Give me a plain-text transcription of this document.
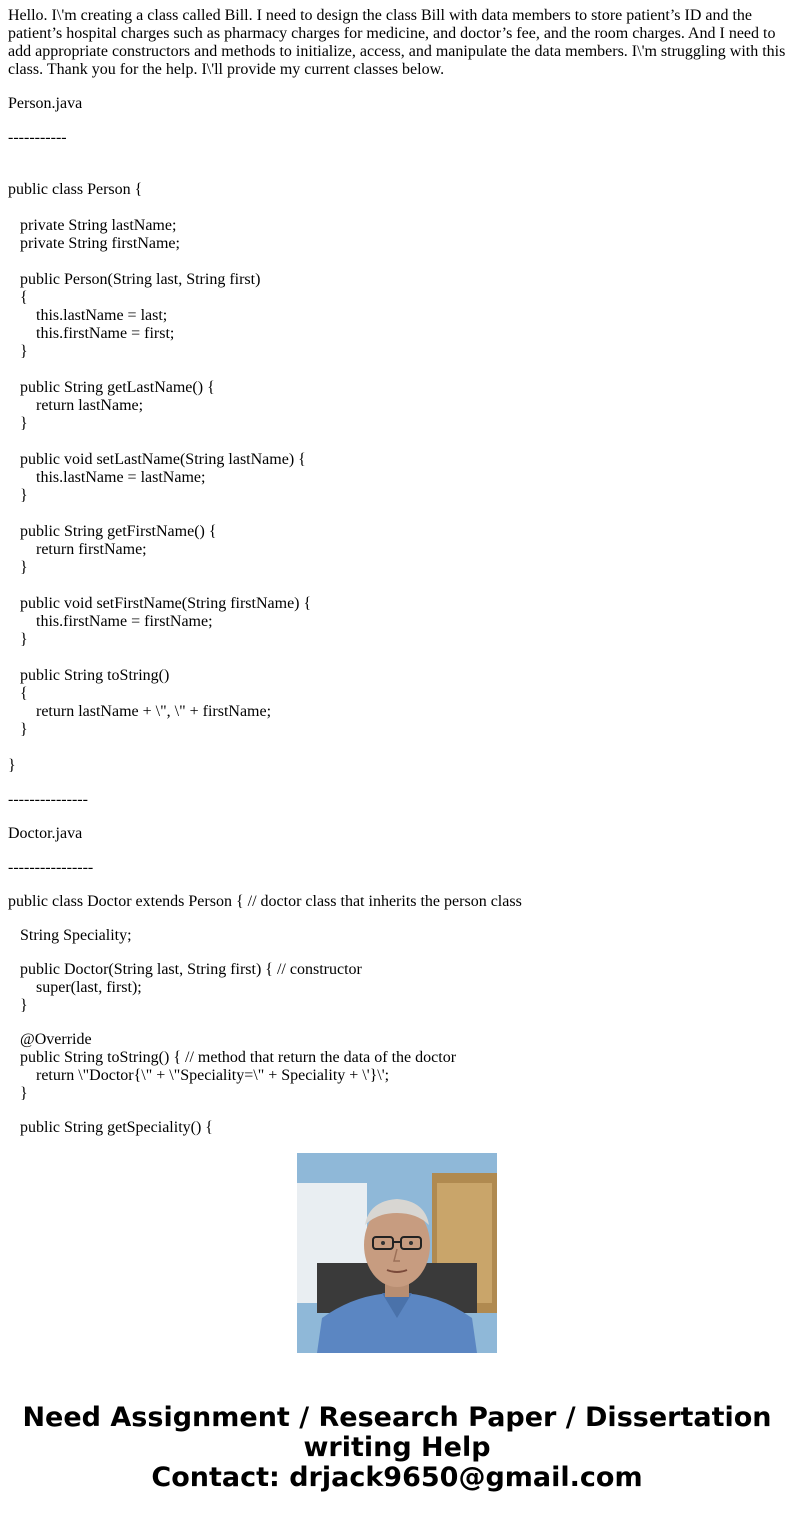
Hello. I\'m creating a class called Bill. I need to design the class Bill with data members to store patient’s ID and the patient’s hospital charges such as pharmacy charges for medicine, and doctor’s fee, and the room charges. And I need to add appropriate constructors and methods to initialize, access, and manipulate the data members. I\'m struggling with this class. Thank you for the help. I\'ll provide my current classes below.
Person.java
-----------
public class Person {
private String lastName;
private String firstName;
public Person(String last, String first)
{
this.lastName = last;
this.firstName = first;
}
public String getLastName() {
return lastName;
}
public void setLastName(String lastName) {
this.lastName = lastName;
}
public String getFirstName() {
return firstName;
}
public void setFirstName(String firstName) {
this.firstName = firstName;
}
public String toString()
{
return lastName + \", \" + firstName;
}
}
---------------
Doctor.java
----------------
public class Doctor extends Person { // doctor class that inherits the person class
String Speciality;
public Doctor(String last, String first) { // constructor
super(last, first);
}
@Override
public String toString() { // method that return the data of the doctor
return \"Doctor{\" + \"Speciality=\" + Speciality + \'}\';
}
public String getSpeciality() {
Need Assignment / Research Paper / Dissertation
writing Help
Contact: drjack9650@gmail.com
